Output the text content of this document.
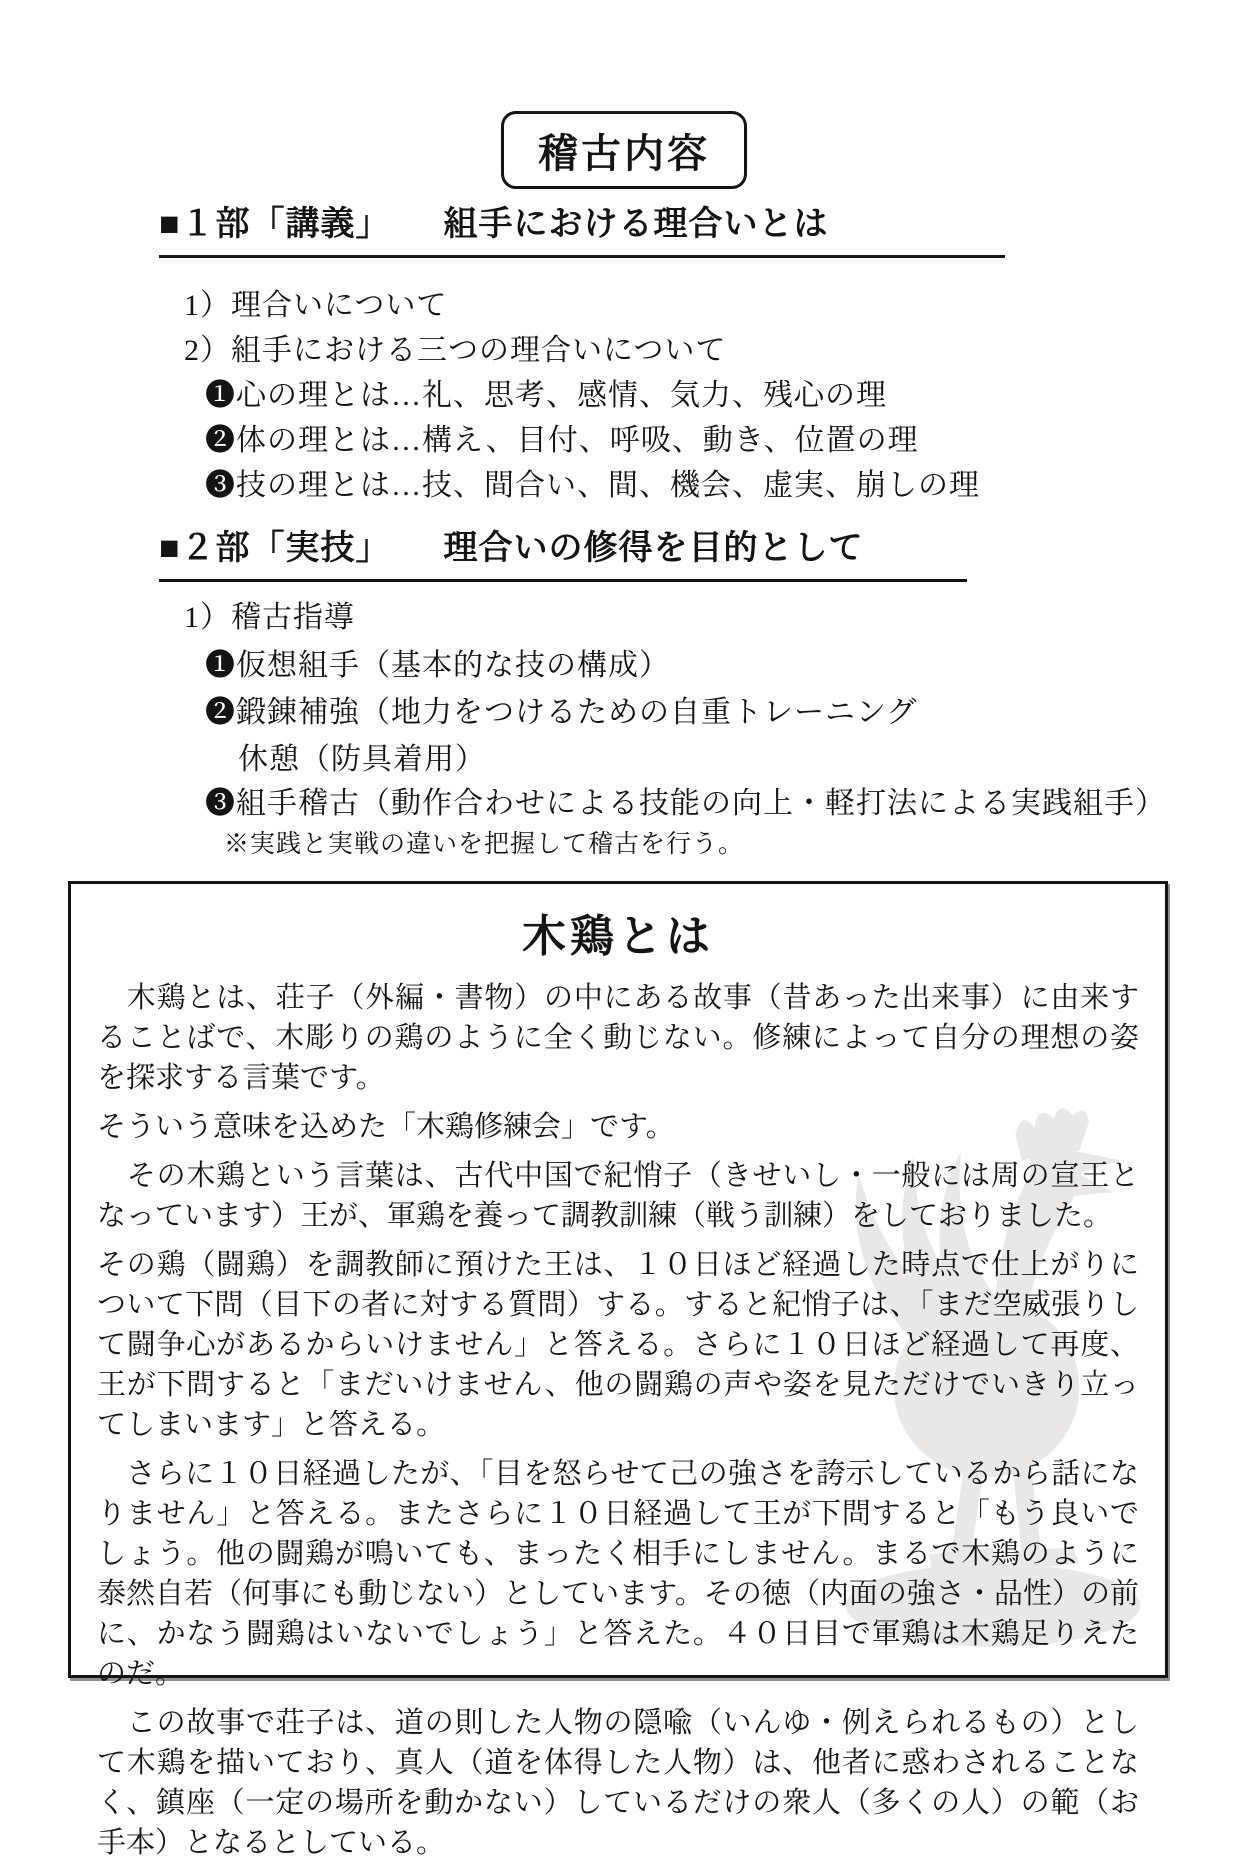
稽古内容
■１部「講義」　　組手における理合いとは
1）理合いについて
2）組手における三つの理合いについて
❶心の理とは…礼、思考、感情、気力、残心の理
❷体の理とは…構え、目付、呼吸、動き、位置の理
❸技の理とは…技、間合い、間、機会、虚実、崩しの理
■２部「実技」　　理合いの修得を目的として
1）稽古指導
❶仮想組手（基本的な技の構成）
❷鍛錬補強（地力をつけるための自重トレーニング
休憩（防具着用）
❸組手稽古（動作合わせによる技能の向上・軽打法による実践組手）
※実践と実戦の違いを把握して稽古を行う。
木鶏とは

　木鶏とは、荘子（外編・書物）の中にある故事（昔あった出来事）に由来することばで、木彫りの鶏のように全く動じない。修練によって自分の理想の姿を探求する言葉です。

そういう意味を込めた「木鶏修練会」です。

　その木鶏という言葉は、古代中国で紀悄子（きせいし・一般には周の宣王となっています）王が、軍鶏を養って調教訓練（戦う訓練）をしておりました。

その鶏（闘鶏）を調教師に預けた王は、１０日ほど経過した時点で仕上がりについて下問（目下の者に対する質問）する。すると紀悄子は、「まだ空威張りして闘争心があるからいけません」と答える。さらに１０日ほど経過して再度、王が下問すると「まだいけません、他の闘鶏の声や姿を見ただけでいきり立ってしまいます」と答える。

　さらに１０日経過したが、「目を怒らせて己の強さを誇示しているから話になりません」と答える。またさらに１０日経過して王が下問すると「もう良いでしょう。他の闘鶏が鳴いても、まったく相手にしません。まるで木鶏のように泰然自若（何事にも動じない）としています。その徳（内面の強さ・品性）の前に、かなう闘鶏はいないでしょう」と答えた。４０日目で軍鶏は木鶏足りえたのだ。

　この故事で荘子は、道の則した人物の隠喩（いんゆ・例えられるもの）として木鶏を描いており、真人（道を体得した人物）は、他者に惑わされることなく、鎮座（一定の場所を動かない）しているだけの衆人（多くの人）の範（お手本）となるとしている。
